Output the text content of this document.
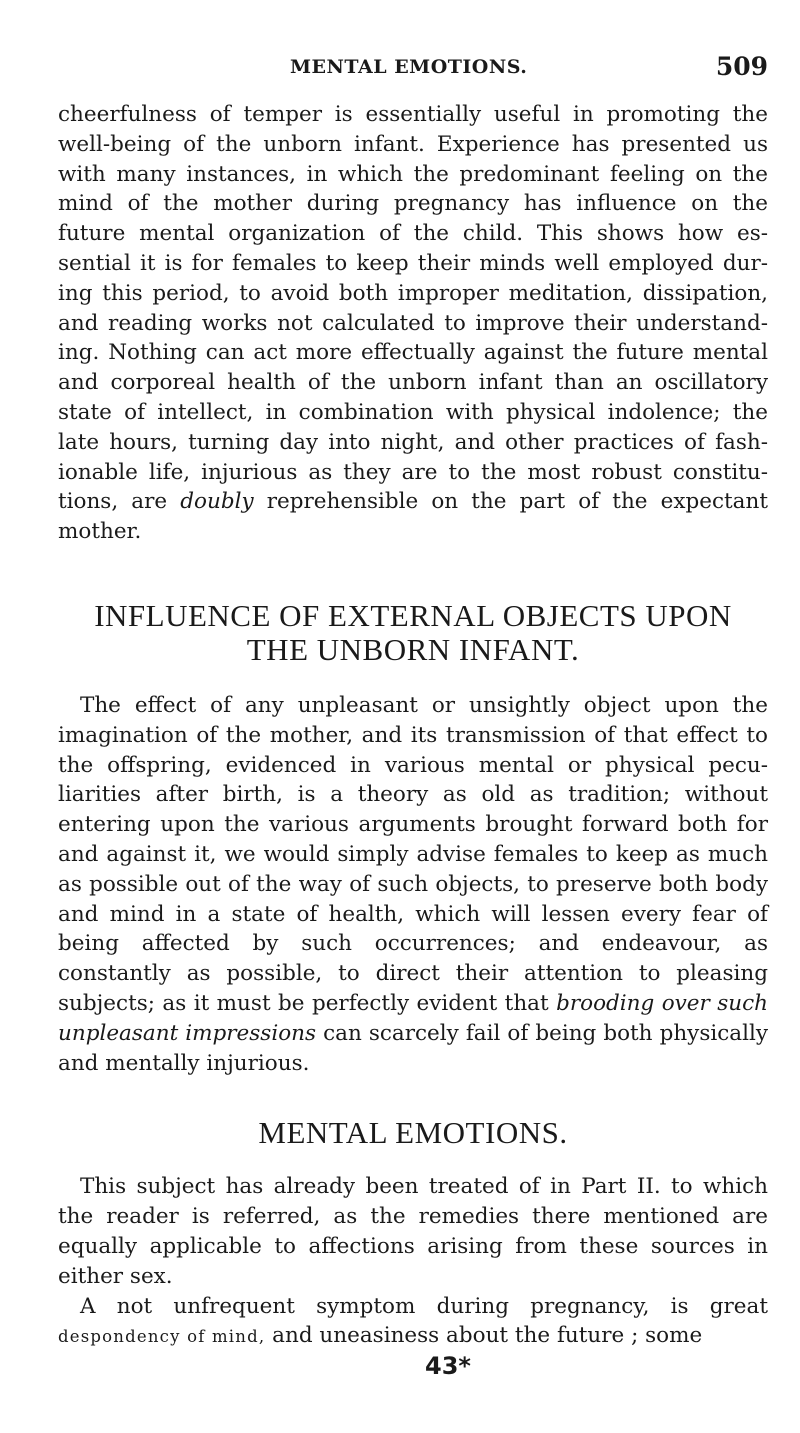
MENTAL EMOTIONS.	509

cheerfulness of temper is essentially useful in promoting the well-being of the unborn infant. Experience has presented us with many instances, in which the predominant feeling on the mind of the mother during pregnancy has influence on the future mental organization of the child. This shows how essential it is for females to keep their minds well employed during this period, to avoid both improper meditation, dissipation, and reading works not calculated to improve their understanding. Nothing can act more effectually against the future mental and corporeal health of the unborn infant than an oscillatory state of intellect, in combination with physical indolence; the late hours, turning day into night, and other practices of fashionable life, injurious as they are to the most robust constitutions, are doubly reprehensible on the part of the expectant mother.

INFLUENCE OF EXTERNAL OBJECTS UPON
THE UNBORN INFANT.

The effect of any unpleasant or unsightly object upon the imagination of the mother, and its transmission of that effect to the offspring, evidenced in various mental or physical peculiarities after birth, is a theory as old as tradition; without entering upon the various arguments brought forward both for and against it, we would simply advise females to keep as much as possible out of the way of such objects, to preserve both body and mind in a state of health, which will lessen every fear of being affected by such occurrences; and endeavour, as constantly as possible, to direct their attention to pleasing subjects; as it must be perfectly evident that brooding over such unpleasant impressions can scarcely fail of being both physically and mentally injurious.

MENTAL EMOTIONS.

This subject has already been treated of in Part II. to which the reader is referred, as the remedies there mentioned are equally applicable to affections arising from these sources in either sex.

A not unfrequent symptom during pregnancy, is great despondency of mind, and uneasiness about the future ; some

43*
